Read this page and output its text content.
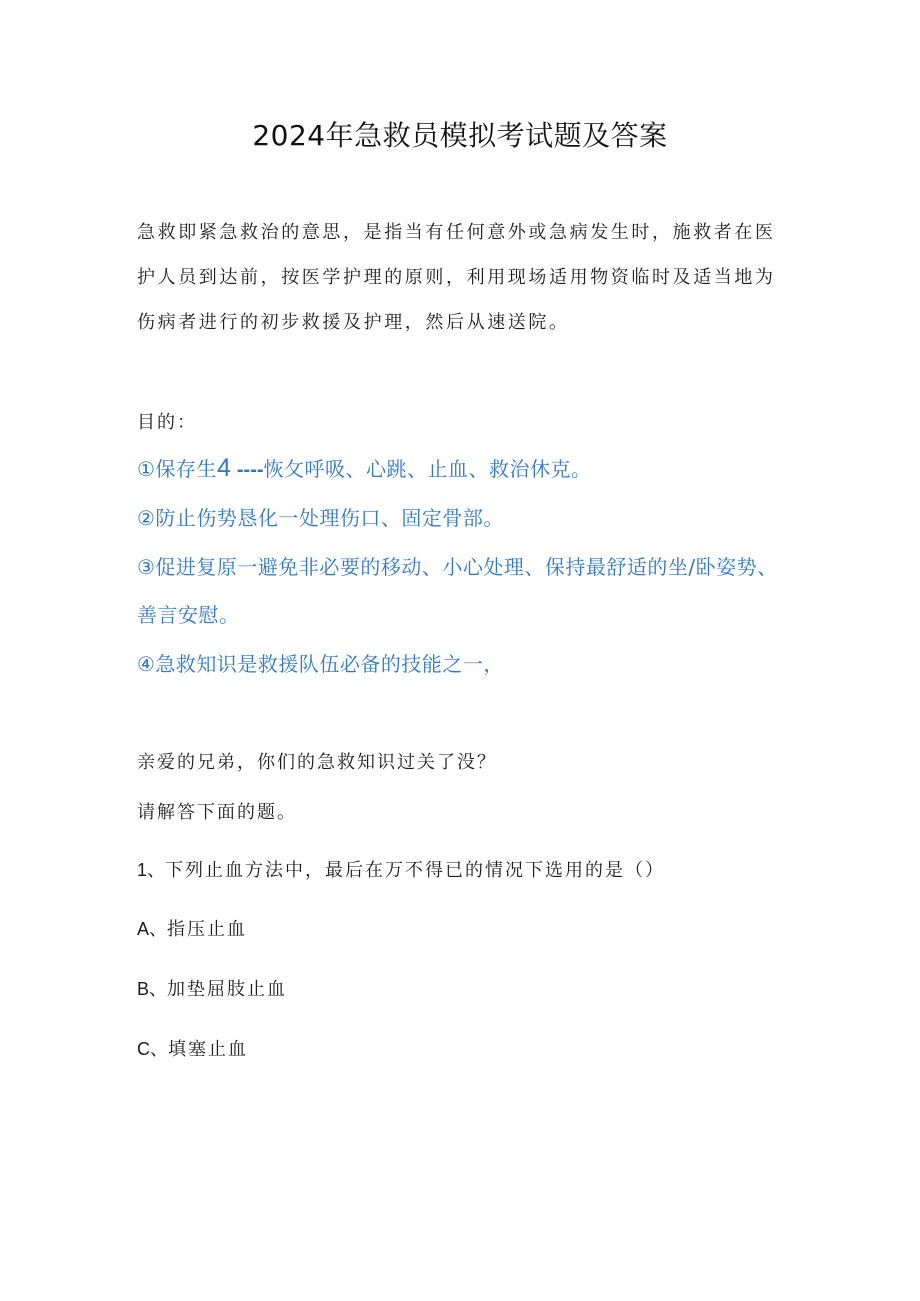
2024年急救员模拟考试题及答案
急救即紧急救治的意思，是指当有任何意外或急病发生时，施救者在医护人员到达前，按医学护理的原则，利用现场适用物资临时及适当地为伤病者进行的初步救援及护理，然后从速送院。
目的：
①保存生4 ----恢攵呼吸、心跳、止血、救治休克。
②防止伤势恳化一处理伤口、固定骨部。
③促进复原一避免非必要的移动、小心处理、保持最舒适的坐/卧姿势、善言安慰。
④急救知识是救援队伍必备的技能之一，
亲爱的兄弟，你们的急救知识过关了没？
请解答下面的题。
1、下列止血方法中，最后在万不得已的情况下选用的是（）
A、指压止血
B、加垫屈肢止血
C、填塞止血
